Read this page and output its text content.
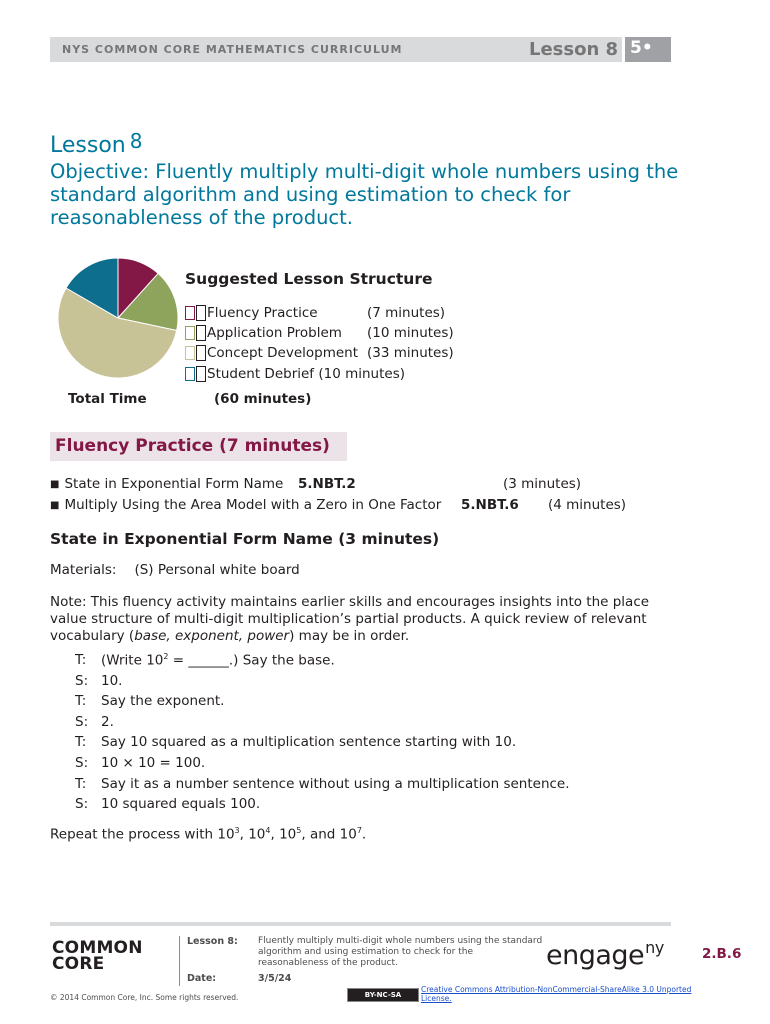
NYS COMMON CORE MATHEMATICS CURRICULUM	Lesson 8 5•
Lesson 8
Objective: Fluently multiply multi-digit whole numbers using the standard algorithm and using estimation to check for reasonableness of the product.
Suggested Lesson Structure
Fluency Practice	(7 minutes)
Application Problem (10 minutes)
Concept Development (33 minutes)
Student Debrief (10 minutes)
Total Time	(60 minutes)
Fluency Practice (7 minutes)
■ State in Exponential Form Name 5.NBT.2	(3 minutes)
■ Multiply Using the Area Model with a Zero in One Factor 5.NBT.6 (4 minutes)
State in Exponential Form Name (3 minutes)
Materials: (S) Personal white board
Note: This fluency activity maintains earlier skills and encourages insights into the place value structure of multi-digit multiplication’s partial products. A quick review of relevant vocabulary (base, exponent, power) may be in order.
T: (Write $10^2$ = ______.) Say the base.
S: 10.
T: Say the exponent.
S: 2.
T: Say 10 squared as a multiplication sentence starting with 10.
S: 10 × 10 = 100.
T: Say it as a number sentence without using a multiplication sentence.
S: 10 squared equals 100.
Repeat the process with $10^3$, $10^4$, $10^5$, and $10^7$.
COMMON
CORE
Lesson 8: Fluently multiply multi-digit whole numbers using the standard algorithm and using estimation to check for the reasonableness of the product.
Date:	3/5/24
engage$^{ny}$	2.B.6
© 2014 Common Core, Inc. Some rights reserved.	BY-NC-SA
Creative Commons Attribution-NonCommercial-ShareAlike 3.0 Unported License.
